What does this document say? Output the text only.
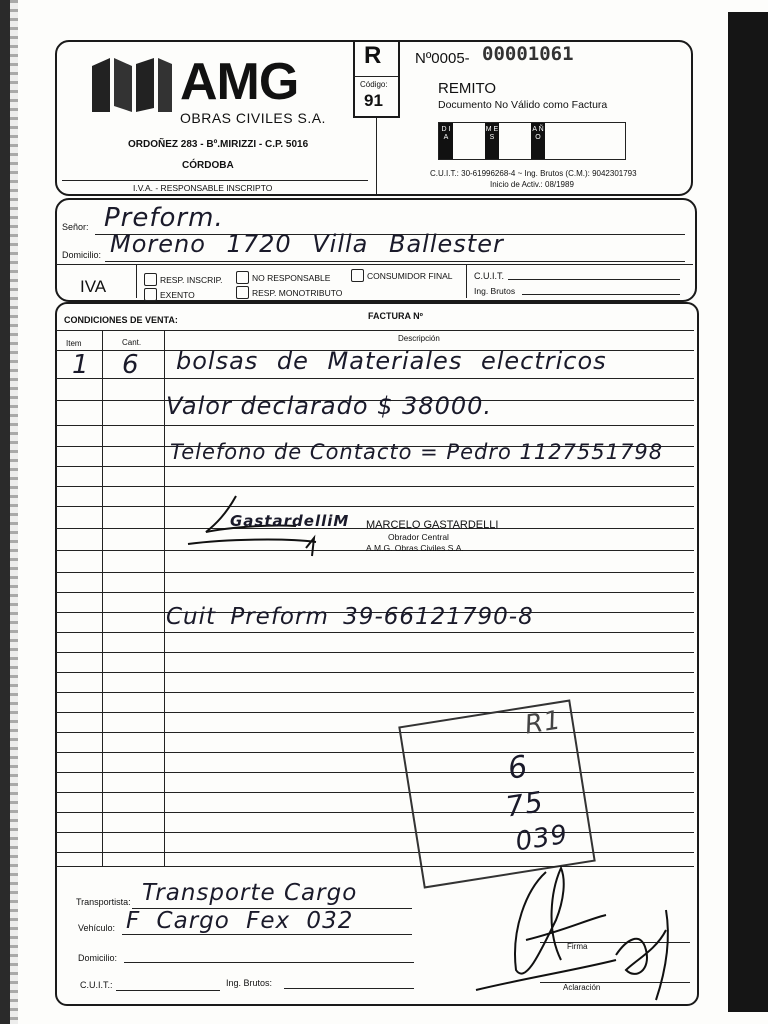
AMG
OBRAS CIVILES S.A.
ORDOÑEZ 283 - Bº.MIRIZZI - C.P. 5016
CÓRDOBA
I.V.A. - RESPONSABLE INSCRIPTO
R
Código:
91
Nº0005- 00001061
REMITO
Documento No Válido como Factura
D I A
M E S
A Ñ O
C.U.I.T.: 30-61996268-4 ~ Ing. Brutos (C.M.): 9042301793
Inicio de Activ.: 08/1989
Señor: Preform.
Domicilio: Moreno 1720 Villa Ballester
IVA	RESP. INSCRIP.	NO RESPONSABLE	CONSUMIDOR FINAL
EXENTO	RESP. MONOTRIBUTO
C.U.I.T.
Ing. Brutos
CONDICIONES DE VENTA:	FACTURA Nº
Item	Cant.	Descripción
1 6 bolsas de Materiales electricos
Valor declarado $ 38000.
Telefono de Contacto = Pedro 1127551798
GastardelliM MARCELO GASTARDELLI
Obrador Central
A.M.G. Obras Civiles S.A.
Cuit Preform 39-66121790-8
R1
6
75
039
Transportista: Transporte Cargo
Vehículo: F Cargo Fex 032
Domicilio:
C.U.I.T.:	Ing. Brutos:
Firma
Aclaración
